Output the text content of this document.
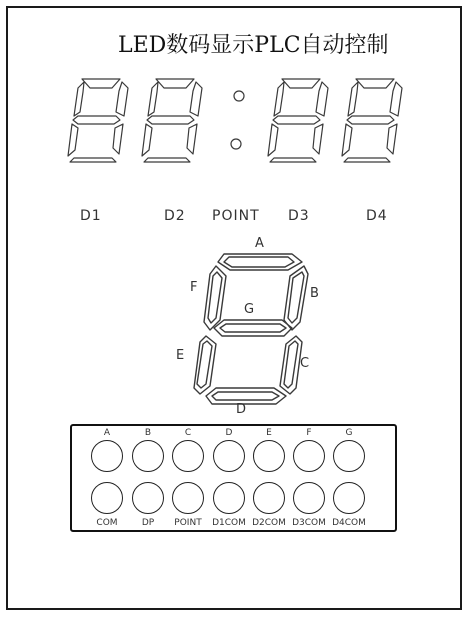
LED数码显示PLC自动控制
D1	D2 POINT D3	D4
A
B
F
G
E
C
D
A	B	C	D	E	F	G
COM	DP	POINT	D1COM D2COM D3COM D4COM
